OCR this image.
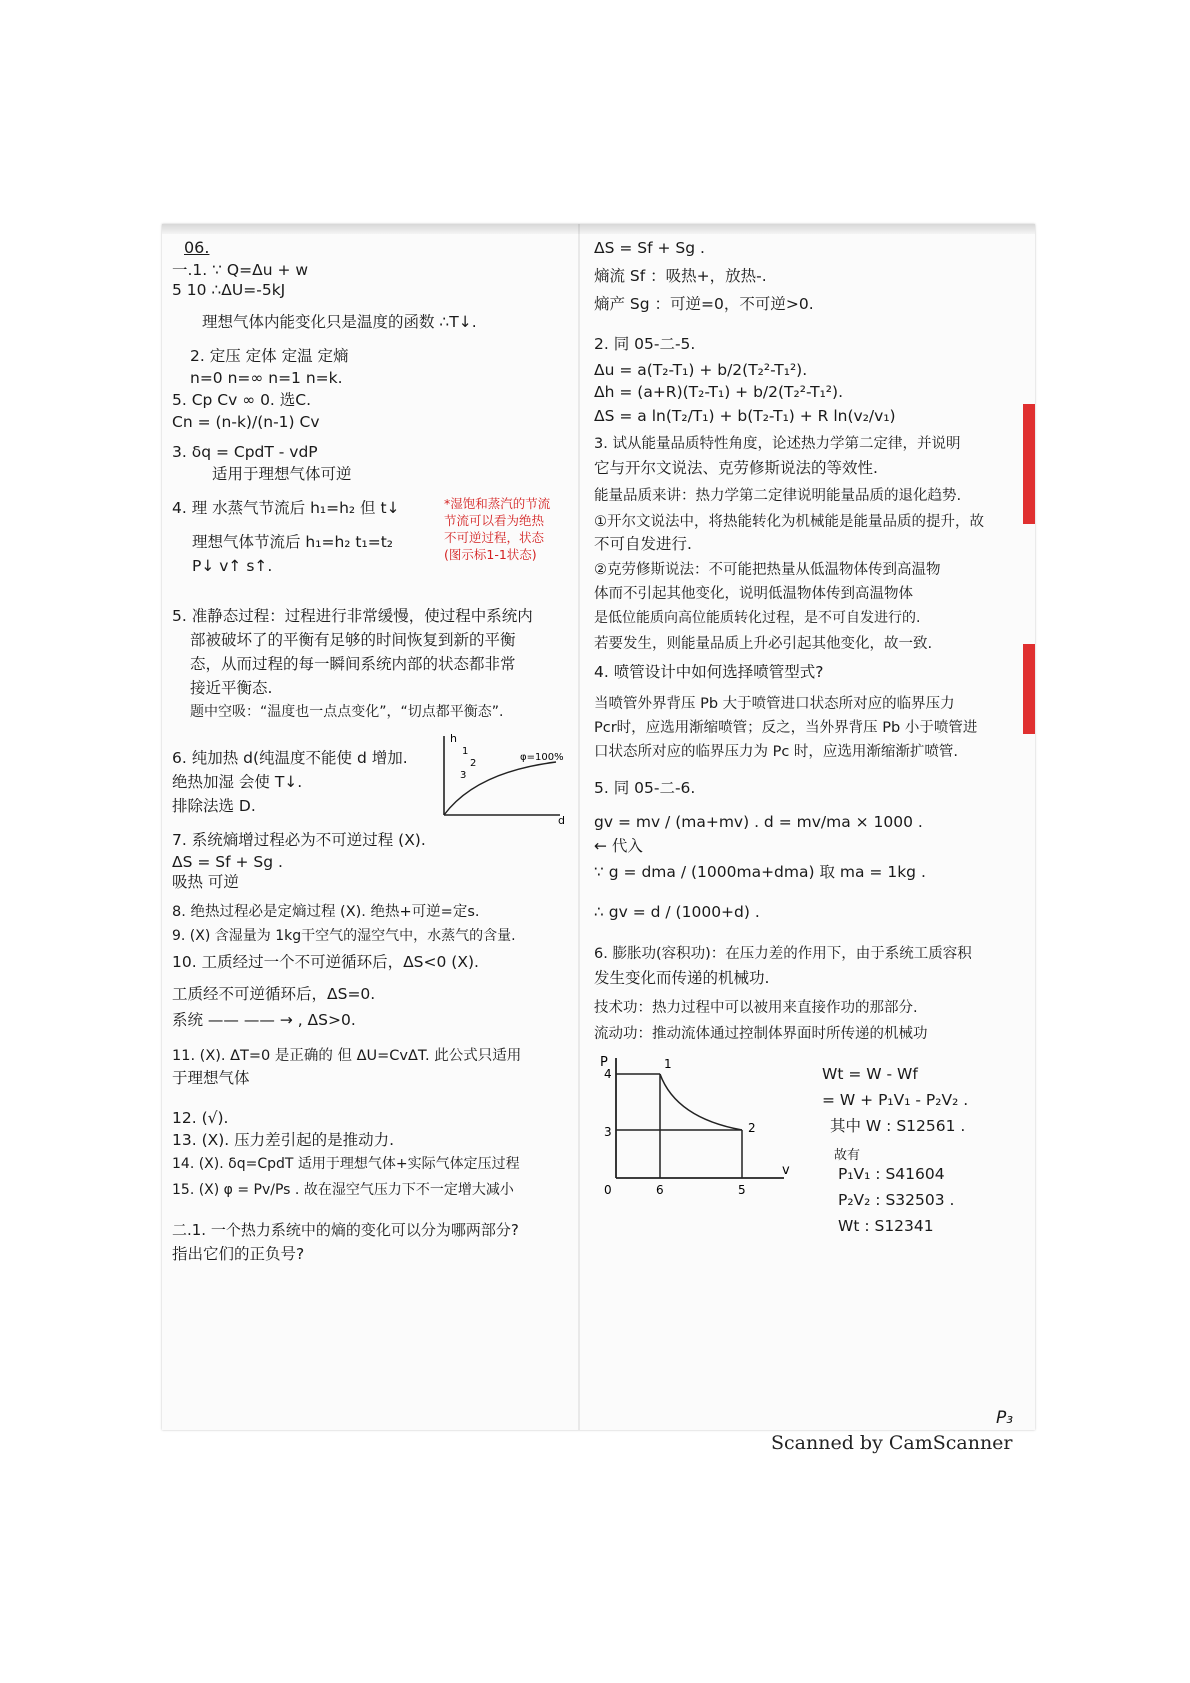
06.
一.1. ∵ Q=Δu + w
5 10 ∴ΔU=-5kJ
理想气体内能变化只是温度的函数 ∴T↓.
2. 定压 定体 定温 定熵
n=0 n=∞ n=1 n=k.
5. Cp Cv ∞ 0. 选C.
Cn = (n-k)/(n-1) Cv
3. δq = CpdT - vdP
适用于理想气体可逆
4. 理 水蒸气节流后 h₁=h₂ 但 t↓
理想气体节流后 h₁=h₂ t₁=t₂
P↓ v↑ s↑.
5. 准静态过程：过程进行非常缓慢，使过程中系统内
部被破坏了的平衡有足够的时间恢复到新的平衡
态，从而过程的每一瞬间系统内部的状态都非常
接近平衡态.
题中空吸：“温度也一点点变化”，“切点都平衡态”.
6. 纯加热 d(纯温度不能使 d 增加.
绝热加湿 会使 T↓.
排除法选 D.
7. 系统熵增过程必为不可逆过程 (X).
ΔS = Sf + Sg .
吸热 可逆
8. 绝热过程必是定熵过程 (X). 绝热+可逆=定s.
9. (X) 含湿量为 1kg干空气的湿空气中，水蒸气的含量.
10. 工质经过一个不可逆循环后，ΔS<0 (X).
工质经不可逆循环后，ΔS=0.
系统 —— —— → , ΔS>0.
11. (X). ΔT=0 是正确的 但 ΔU=CvΔT. 此公式只适用
于理想气体
12. (√).
13. (X). 压力差引起的是推动力.
14. (X). δq=CpdT 适用于理想气体+实际气体定压过程
15. (X) φ = Pv/Ps . 故在湿空气压力下不一定增大减小
二.1. 一个热力系统中的熵的变化可以分为哪两部分?
指出它们的正负号?
*湿饱和蒸汽的节流
节流可以看为绝热
不可逆过程，状态
(图示标1-1状态)
h
d
φ=100%
1
2
3
ΔS = Sf + Sg .
熵流 Sf ：吸热+，放热-.
熵产 Sg ：可逆=0，不可逆>0.
2. 同 05-二-5.
Δu = a(T₂-T₁) + b/2(T₂²-T₁²).
Δh = (a+R)(T₂-T₁) + b/2(T₂²-T₁²).
ΔS = a ln(T₂/T₁) + b(T₂-T₁) + R ln(v₂/v₁)
3. 试从能量品质特性角度，论述热力学第二定律，并说明
它与开尔文说法、克劳修斯说法的等效性.
能量品质来讲：热力学第二定律说明能量品质的退化趋势.
①开尔文说法中，将热能转化为机械能是能量品质的提升，故
不可自发进行.
②克劳修斯说法：不可能把热量从低温物体传到高温物
体而不引起其他变化，说明低温物体传到高温物体
是低位能质向高位能质转化过程，是不可自发进行的.
若要发生，则能量品质上升必引起其他变化，故一致.
4. 喷管设计中如何选择喷管型式?
当喷管外界背压 Pb 大于喷管进口状态所对应的临界压力
Pcr时，应选用渐缩喷管；反之，当外界背压 Pb 小于喷管进
口状态所对应的临界压力为 Pc 时，应选用渐缩渐扩喷管.
5. 同 05-二-6.
gv = mv / (ma+mv) . d = mv/ma × 1000 .
← 代入
∵ g = dma / (1000ma+dma) 取 ma = 1kg .
∴ gv = d / (1000+d) .
6. 膨胀功(容积功)：在压力差的作用下，由于系统工质容积
发生变化而传递的机械功.
技术功：热力过程中可以被用来直接作功的那部分.
流动功：推动流体通过控制体界面时所传递的机械功
P
v
1
2
3
4
5
6
0
Wt = W - Wf
= W + P₁V₁ - P₂V₂ .
其中 W : S12561 .
故有
P₁V₁ : S41604
P₂V₂ : S32503 .
Wt : S12341
P₃
Scanned by CamScanner
